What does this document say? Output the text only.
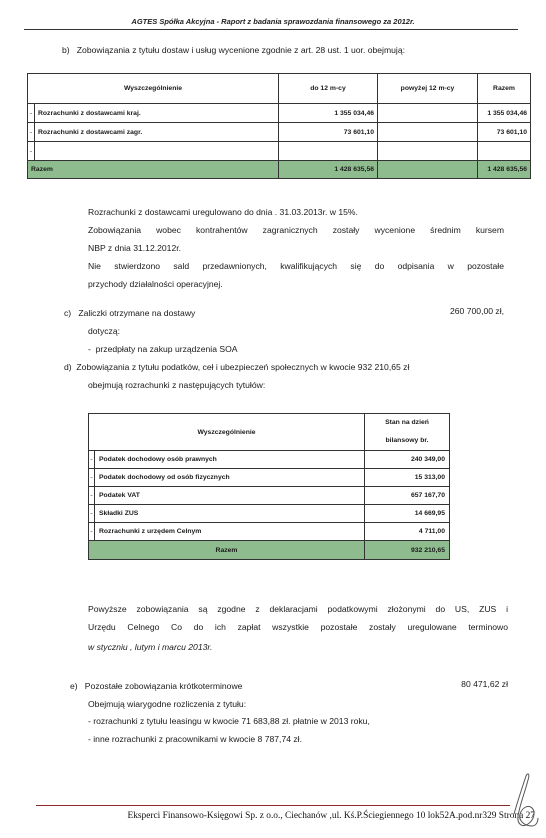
AGTES Spółka Akcyjna - Raport z badania sprawozdania finansowego za 2012r.
b)   Zobowiązania z tytułu dostaw i usług wycenione zgodnie z art. 28 ust. 1 uor. obejmują:
Wyszczególnienie		do 12 m-cy	powyżej 12 m-cy	Razem
-	Rozrachunki z dostawcami kraj.	1 355 034,46		1 355 034,46
-	Rozrachunki z dostawcami zagr.	73 601,10		73 601,10
-				
Razem		1 428 635,56		1 428 635,56
Rozrachunki z dostawcami uregulowano do dnia . 31.03.2013r. w 15%.
Zobowiązania wobec kontrahentów zagranicznych zostały wycenione średnim kursem
NBP z dnia 31.12.2012r.
Nie stwierdzono sald przedawnionych, kwalifikujących się do odpisania w pozostałe
przychody działalności operacyjnej.
c)   Zaliczki otrzymane na dostawy	260 700,00 zł,
dotyczą:
-  przedpłaty na zakup urządzenia SOA
d)  Zobowiązania z tytułu podatków, ceł i ubezpieczeń społecznych w kwocie 932 210,65 zł
obejmują rozrachunki z następujących tytułów:
Wyszczególnienie		Stan na dzień
bilansowy br.
-	Podatek dochodowy osób prawnych	240 349,00
-	Podatek dochodowy od osób fizycznych	15 313,00
-	Podatek VAT	657 167,70
-	Składki ZUS	14 669,95
-	Rozrachunki z urzędem Celnym	4 711,00
Razem		932 210,65
Powyższe zobowiązania są zgodne z deklaracjami podatkowymi złożonymi do US, ZUS i
Urzędu Celnego Co do ich zapłat wszystkie pozostałe zostały uregulowane terminowo
w styczniu , lutym i marcu 2013r.
e)   Pozostałe zobowiązania krótkoterminowe	80 471,62 zł
Obejmują wiarygodne rozliczenia z tytułu:
- rozrachunki z tytułu leasingu w kwocie 71 683,88 zł. płatnie w 2013 roku,
- inne rozrachunki z pracownikami w kwocie 8 787,74 zł.
Eksperci Finansowo-Księgowi Sp. z o.o., Ciechanów ,ul. Kś.P.Ściegiennego 10 lok52A.pod.nr329 Strona 27
